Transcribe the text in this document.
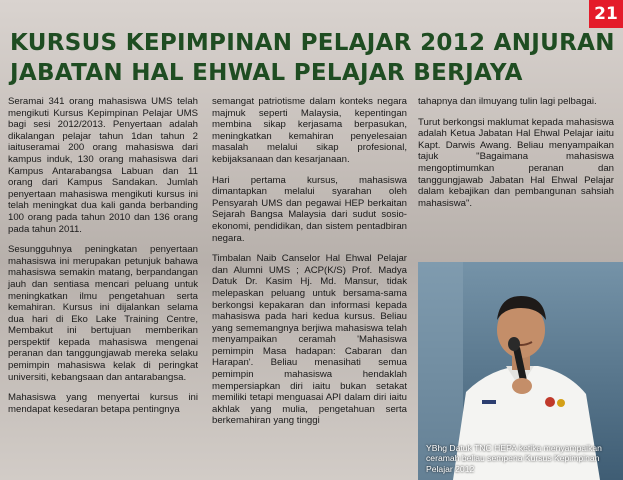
21
KURSUS KEPIMPINAN PELAJAR 2012 ANJURAN
JABATAN HAL EHWAL PELAJAR BERJAYA

Seramai 341 orang mahasiswa UMS telah mengikuti Kursus Kepimpinan Pelajar UMS bagi sesi 2012/2013. Penyertaan adalah dikalangan pelajar tahun 1dan tahun 2 iaituseramai 200 orang mahasiswa dari kampus induk, 130 orang mahasiswa dari Kampus Antarabangsa Labuan dan 11 orang dari Kampus Sandakan. Jumlah penyertaan mahasiswa mengikuti kursus ini telah meningkat dua kali ganda berbanding 100 orang pada tahun 2010 dan 136 orang pada tahun 2011.

Sesungguhnya peningkatan penyertaan mahasiswa ini merupakan petunjuk bahawa mahasiswa semakin matang, berpandangan jauh dan sentiasa mencari peluang untuk meningkatkan ilmu pengetahuan serta kemahiran. Kursus ini dijalankan selama dua hari di Eko Lake Training Centre, Membakut ini bertujuan memberikan perspektif kepada mahasiswa mengenai peranan dan tanggungjawab mereka selaku pemimpin mahasiswa kelak di peringkat universiti, kebangsaan dan antarabangsa.

Mahasiswa yang menyertai kursus ini mendapat kesedaran betapa pentingnya

semangat patriotisme dalam konteks negara majmuk seperti Malaysia, kepentingan membina sikap kerjasama berpasukan, meningkatkan kemahiran penyelesaian masalah melalui sikap profesional, kebijaksanaan dan kesarjanaan.

Hari pertama kursus, mahasiswa dimantapkan melalui syarahan oleh Pensyarah UMS dan pegawai HEP berkaitan Sejarah Bangsa Malaysia dari sudut sosio-ekonomi, pendidikan, dan sistem pentadbiran negara.

Timbalan Naib Canselor Hal Ehwal Pelajar dan Alumni UMS ; ACP(K/S) Prof. Madya Datuk Dr. Kasim Hj. Md. Mansur, tidak melepaskan peluang untuk bersama-sama berkongsi kepakaran dan informasi kepada mahasiswa pada hari kedua kursus. Beliau yang sememangnya berjiwa mahasiswa telah menyampaikan ceramah 'Mahasiswa pemimpin Masa hadapan: Cabaran dan Harapan'. Beliau menasihati semua pemimpin mahasiswa hendaklah mempersiapkan diri iaitu bukan setakat memiliki tetapi menguasai API dalam diri iaitu akhlak yang mulia, pengetahuan serta berkemahiran yang tinggi

tahapnya dan ilmuyang tulin lagi pelbagai.

Turut berkongsi maklumat kepada mahasiswa adalah Ketua Jabatan Hal Ehwal Pelajar iaitu Kapt. Darwis Awang. Beliau menyampaikan tajuk "Bagaimana mahasiswa mengoptimumkan peranan dan tanggungjawab Jabatan Hal Ehwal Pelajar dalam kebajikan dan pembangunan sahsiah mahasiswa".

YBhg Datuk TNC HEPA ketika menyampaikan ceramah beliau sempena Kursus Kepimpinan Pelajar 2012
